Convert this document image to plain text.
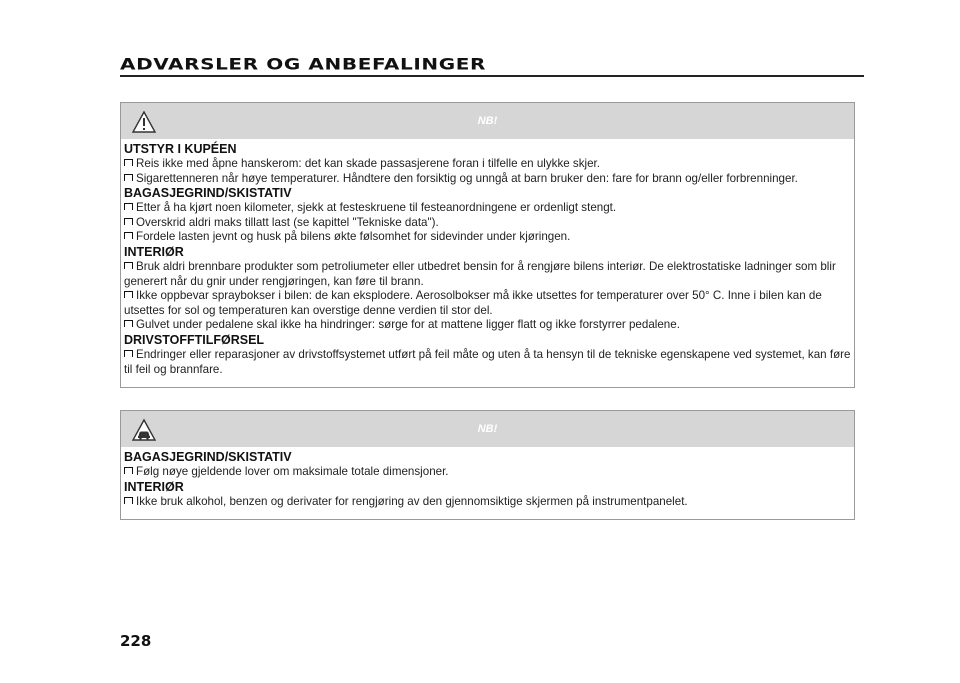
ADVARSLER OG ANBEFALINGER
NB!
UTSTYR I KUPÉEN
Reis ikke med åpne hanskerom: det kan skade passasjerene foran i tilfelle en ulykke skjer.
Sigarettenneren når høye temperaturer. Håndtere den forsiktig og unngå at barn bruker den: fare for brann og/eller forbrenninger.
BAGASJEGRIND/SKISTATIV
Etter å ha kjørt noen kilometer, sjekk at festeskruene til festeanordningene er ordenligt stengt.
Overskrid aldri maks tillatt last (se kapittel "Tekniske data").
Fordele lasten jevnt og husk på bilens økte følsomhet for sidevinder under kjøringen.
INTERIØR
Bruk aldri brennbare produkter som petroliumeter eller utbedret bensin for å rengjøre bilens interiør. De elektrostatiske ladninger som blir generert når du gnir under rengjøringen, kan føre til brann.
Ikke oppbevar spraybokser i bilen: de kan eksplodere. Aerosolbokser må ikke utsettes for temperaturer over 50° C. Inne i bilen kan de utsettes for sol og temperaturen kan overstige denne verdien til stor del.
Gulvet under pedalene skal ikke ha hindringer: sørge for at mattene ligger flatt og ikke forstyrrer pedalene.
DRIVSTOFFTILFØRSEL
Endringer eller reparasjoner av drivstoffsystemet utført på feil måte og uten å ta hensyn til de tekniske egenskapene ved systemet, kan føre til feil og brannfare.
NB!
BAGASJEGRIND/SKISTATIV
Følg nøye gjeldende lover om maksimale totale dimensjoner.
INTERIØR
Ikke bruk alkohol, benzen og derivater for rengjøring av den gjennomsiktige skjermen på instrumentpanelet.
228
